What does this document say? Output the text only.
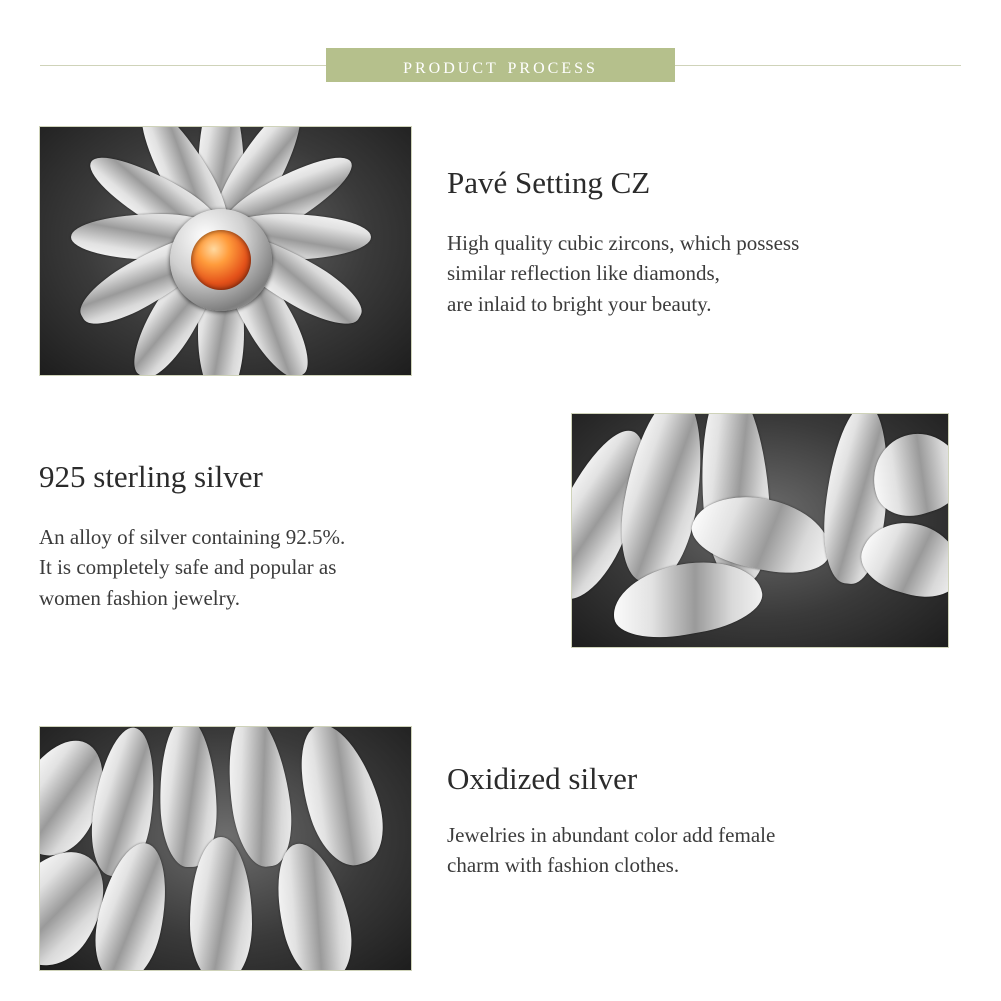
product process
Pavé Setting CZ
High quality cubic zircons, which possess
similar reflection like diamonds,
are inlaid to bright your beauty.
925 sterling silver
An alloy of silver containing 92.5%.
It is completely safe and popular as
women fashion jewelry.
Oxidized silver
Jewelries in abundant color add female
charm with fashion clothes.
